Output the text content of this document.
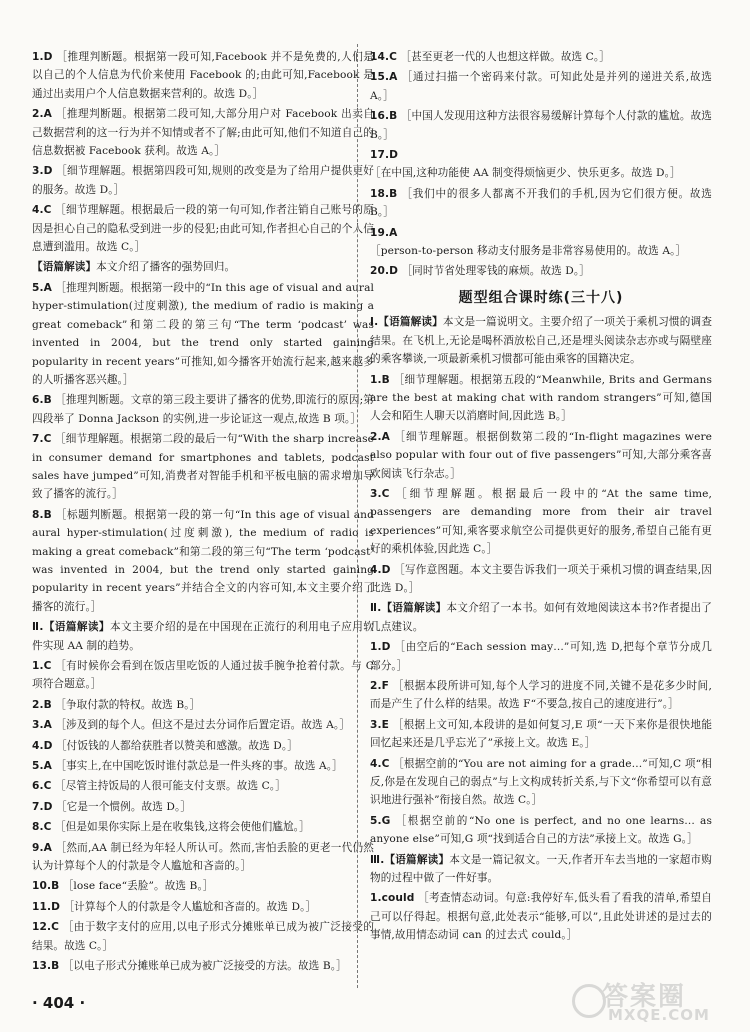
1.D ［推理判断题。根据第一段可知,Facebook 并不是免费的,人们是以自己的个人信息为代价来使用 Facebook 的;由此可知,Facebook 是通过出卖用户个人信息数据来营利的。故选 D。］
2.A ［推理判断题。根据第二段可知,大部分用户对 Facebook 出卖自己数据营利的这一行为并不知情或者不了解;由此可知,他们不知道自己的信息数据被 Facebook 获利。故选 A。］
3.D ［细节理解题。根据第四段可知,规则的改变是为了给用户提供更好的服务。故选 D。］
4.C ［细节理解题。根据最后一段的第一句可知,作者注销自己账号的原因是担心自己的隐私受到进一步的侵犯;由此可知,作者担心自己的个人信息遭到滥用。故选 C。］
【语篇解读】本文介绍了播客的强势回归。
5.A ［推理判断题。根据第一段中的“In this age of visual and aural hyper-stimulation(过度刺激), the medium of radio is making a great comeback”和第二段的第三句“The term ‘podcast’ was invented in 2004, but the trend only started gaining popularity in recent years”可推知,如今播客开始流行起来,越来越多的人听播客恶兴趣。］
6.B ［推理判断题。文章的第三段主要讲了播客的优势,即流行的原因;第四段举了 Donna Jackson 的实例,进一步论证这一观点,故选 B 项。］
7.C ［细节理解题。根据第二段的最后一句“With the sharp increase in consumer demand for smartphones and tablets, podcast sales have jumped”可知,消费者对智能手机和平板电脑的需求增加导致了播客的流行。］
8.B ［标题判断题。根据第一段的第一句“In this age of visual and aural hyper-stimulation(过度刺激), the medium of radio is making a great comeback”和第二段的第三句“The term ‘podcast’ was invented in 2004, but the trend only started gaining popularity in recent years”并结合全文的内容可知,本文主要介绍了播客的流行。］
Ⅱ.【语篇解读】本文主要介绍的是在中国现在正流行的利用电子应用软件实现 AA 制的趋势。
1.C ［有时候你会看到在饭店里吃饭的人通过拔手腕争抢着付款。与 C 项符合题意。］
2.B ［争取付款的特权。故选 B。］
3.A ［涉及到的每个人。但这不是过去分词作后置定语。故选 A。］
4.D ［付饭钱的人都给获胜者以赞美和感激。故选 D。］
5.A ［事实上,在中国吃饭时谁付款总是一件头疼的事。故选 A。］
6.C ［尽管主持饭局的人很可能支付支票。故选 C。］
7.D ［它是一个惯例。故选 D。］
8.C ［但是如果你实际上是在收集钱,这将会使他们尴尬。］
9.A ［然而,AA 制已经为年轻人所认可。然而,害怕丢脸的更老一代仍然认为计算每个人的付款是令人尴尬和吝啬的。］
10.B ［lose face“丢脸”。故选 B。］
11.D ［计算每个人的付款是令人尴尬和吝啬的。故选 D。］
12.C ［由于数字支付的应用,以电子形式分摊账单已成为被广泛接受的结果。故选 C。］
13.B ［以电子形式分摊账单已成为被广泛接受的方法。故选 B。］
14.C ［甚至更老一代的人也想这样做。故选 C。］
15.A ［通过扫描一个密码来付款。可知此处是并列的递进关系,故选 A。］
16.B ［中国人发现用这种方法很容易缓解计算每个人付款的尴尬。故选 B。］
17.D ［在中国,这种功能使 AA 制变得烦恼更少、快乐更多。故选 D。］
18.B ［我们中的很多人都离不开我们的手机,因为它们很方便。故选 B。］
19.A ［person-to-person 移动支付服务是非常容易使用的。故选 A。］
20.D ［同时节省处理零钱的麻烦。故选 D。］
题型组合课时练(三十八)
Ⅰ.【语篇解读】本文是一篇说明文。主要介绍了一项关于乘机习惯的调查结果。在飞机上,无论是喝杯酒放松自己,还是埋头阅读杂志亦或与隔壁座的乘客攀谈,一项最新乘机习惯都可能由乘客的国籍决定。
1.B ［细节理解题。根据第五段的“Meanwhile, Brits and Germans are the best at making chat with random strangers”可知,德国人会和陌生人聊天以消磨时间,因此选 B。］
2.A ［细节理解题。根据倒数第二段的“In-flight magazines were also popular with four out of five passengers”可知,大部分乘客喜欢阅读飞行杂志。］
3.C ［细节理解题。根据最后一段中的“At the same time, passengers are demanding more from their air travel experiences”可知,乘客要求航空公司提供更好的服务,希望自己能有更好的乘机体验,因此选 C。］
4.D ［写作意图题。本文主要告诉我们一项关于乘机习惯的调查结果,因此选 D。］
Ⅱ.【语篇解读】本文介绍了一本书。如何有效地阅读这本书?作者提出了几点建议。
1.D ［由空后的“Each session may…”可知,选 D,把每个章节分成几部分。］
2.F ［根据本段所讲可知,每个人学习的进度不同,关键不是花多少时间,而是产生了什么样的结果。故选 F“不要急,按自己的速度进行”。］
3.E ［根据上文可知,本段讲的是如何复习,E 项“一天下来你是很快地能回忆起来还是几乎忘光了”承接上文。故选 E。］
4.C ［根据空前的“You are not aiming for a grade…”可知,C 项“相反,你是在发现自己的弱点”与上文构成转折关系,与下文“你希望可以有意识地进行强补”衔接自然。故选 C。］
5.G ［根据空前的“No one is perfect, and no one learns… as anyone else”可知,G 项“找到适合自己的方法”承接上文。故选 G。］
Ⅲ.【语篇解读】本文是一篇记叙文。一天,作者开车去当地的一家超市购物的过程中做了一件好事。
1.could ［考查情态动词。句意:我停好车,低头看了看我的清单,希望自己可以仔得起。根据句意,此处表示“能够,可以”,且此处讲述的是过去的事情,故用情态动词 can 的过去式 could。］
· 404 ·	答案圈
MXQE.COM
